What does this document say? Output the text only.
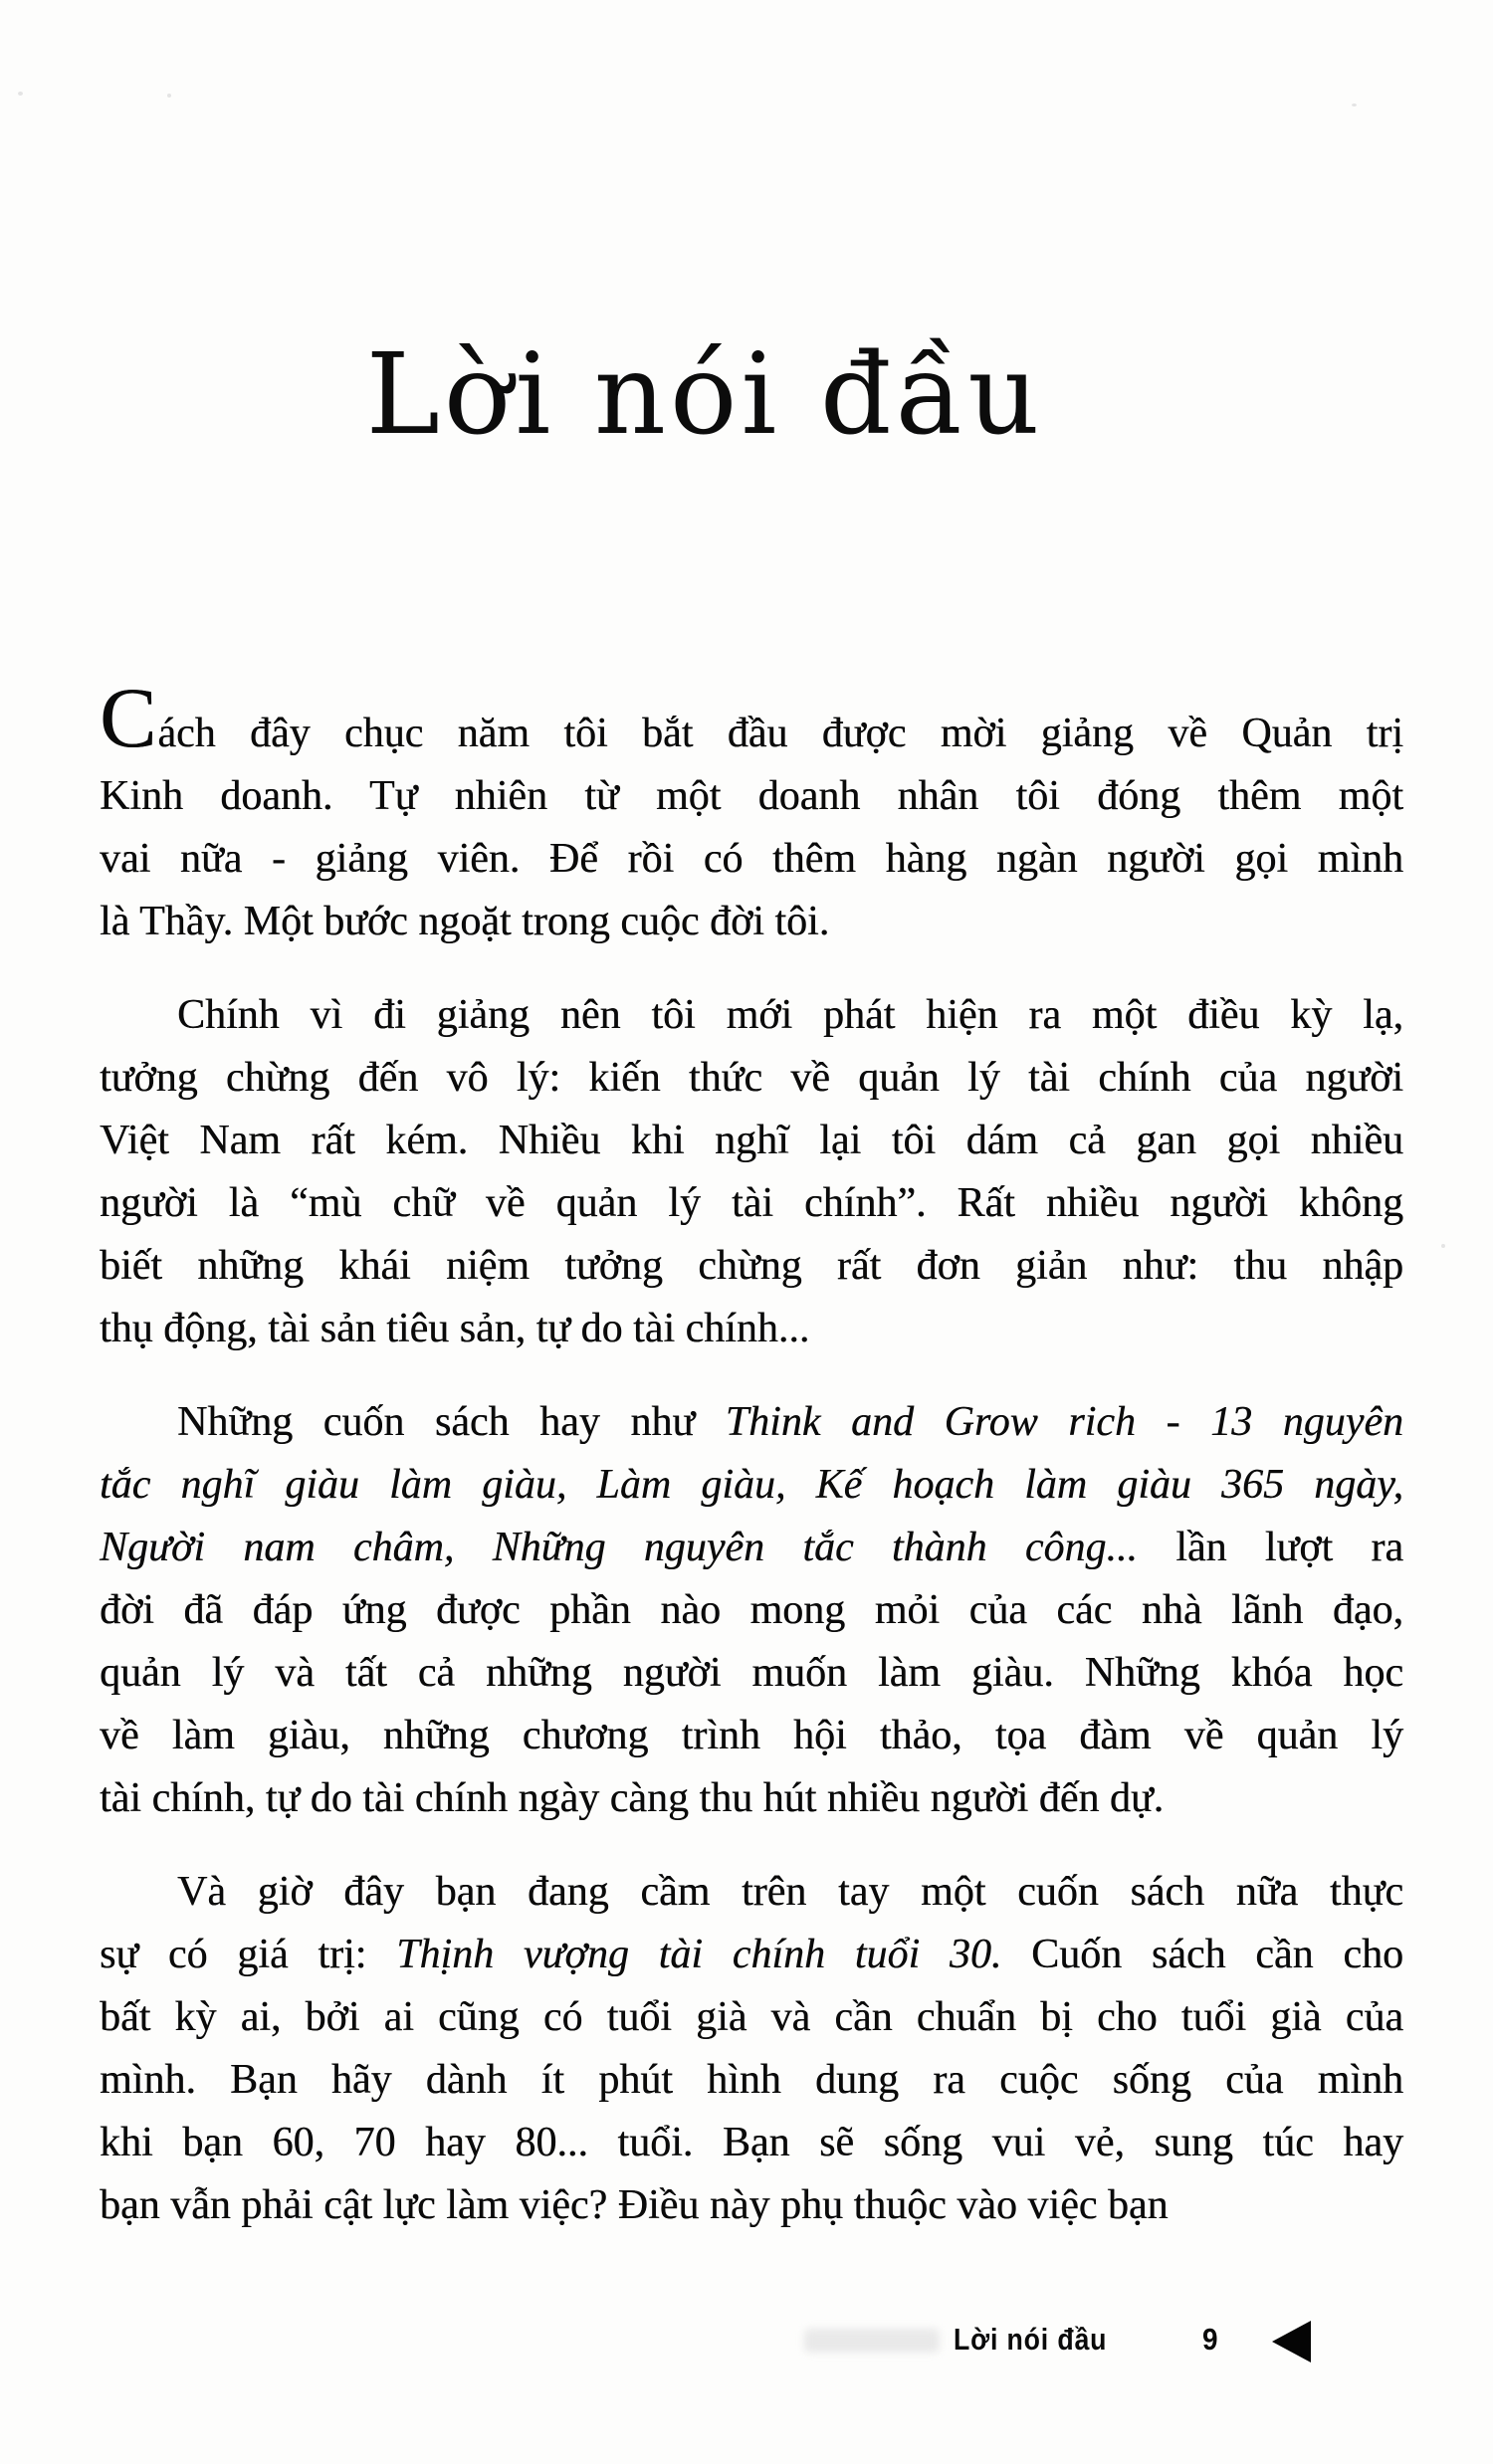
Lời nói đầu
Cách đây chục năm tôi bắt đầu được mời giảng về Quản trị
Kinh doanh. Tự nhiên từ một doanh nhân tôi đóng thêm một
vai nữa - giảng viên. Để rồi có thêm hàng ngàn người gọi mình
là Thầy. Một bước ngoặt trong cuộc đời tôi.
Chính vì đi giảng nên tôi mới phát hiện ra một điều kỳ lạ,
tưởng chừng đến vô lý: kiến thức về quản lý tài chính của người
Việt Nam rất kém. Nhiều khi nghĩ lại tôi dám cả gan gọi nhiều
người là “mù chữ về quản lý tài chính”. Rất nhiều người không
biết những khái niệm tưởng chừng rất đơn giản như: thu nhập
thụ động, tài sản tiêu sản, tự do tài chính...
Những cuốn sách hay như Think and Grow rich - 13 nguyên
tắc nghĩ giàu làm giàu, Làm giàu, Kế hoạch làm giàu 365 ngày,
Người nam châm, Những nguyên tắc thành công... lần lượt ra
đời đã đáp ứng được phần nào mong mỏi của các nhà lãnh đạo,
quản lý và tất cả những người muốn làm giàu. Những khóa học
về làm giàu, những chương trình hội thảo, tọa đàm về quản lý
tài chính, tự do tài chính ngày càng thu hút nhiều người đến dự.
Và giờ đây bạn đang cầm trên tay một cuốn sách nữa thực
sự có giá trị: Thịnh vượng tài chính tuổi 30. Cuốn sách cần cho
bất kỳ ai, bởi ai cũng có tuổi già và cần chuẩn bị cho tuổi già của
mình. Bạn hãy dành ít phút hình dung ra cuộc sống của mình
khi bạn 60, 70 hay 80... tuổi. Bạn sẽ sống vui vẻ, sung túc hay
bạn vẫn phải cật lực làm việc? Điều này phụ thuộc vào việc bạn
Lời nói đầu	9
